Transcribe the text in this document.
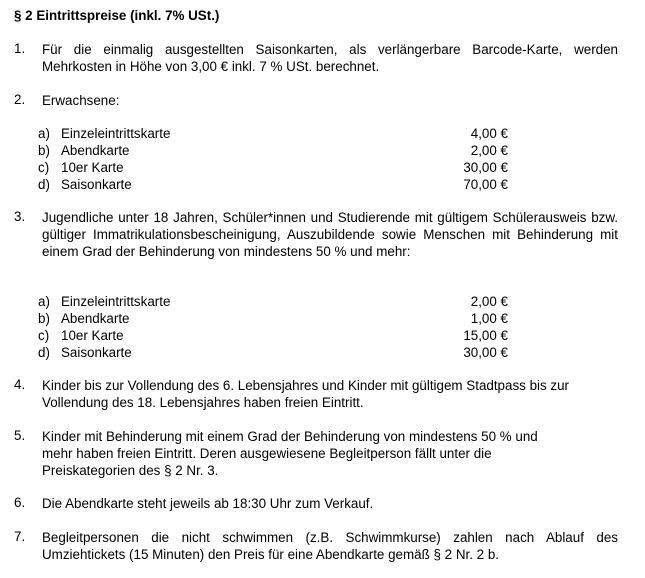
§ 2 Eintrittspreise (inkl. 7% USt.)
1. Für die einmalig ausgestellten Saisonkarten, als verlängerbare Barcode-Karte, werden Mehrkosten in Höhe von 3,00 € inkl. 7 % USt. berechnet.
2. Erwachsene:
a) Einzeleintrittskarte	4,00 €
b) Abendkarte	2,00 €
c) 10er Karte	30,00 €
d) Saisonkarte	70,00 €
3. Jugendliche unter 18 Jahren, Schüler*innen und Studierende mit gültigem Schülerausweis bzw. gültiger Immatrikulationsbescheinigung, Auszubildende sowie Menschen mit Behinderung mit einem Grad der Behinderung von mindestens 50 % und mehr:
a) Einzeleintrittskarte	2,00 €
b) Abendkarte	1,00 €
c) 10er Karte	15,00 €
d) Saisonkarte	30,00 €
4. Kinder bis zur Vollendung des 6. Lebensjahres und Kinder mit gültigem Stadtpass bis zur Vollendung des 18. Lebensjahres haben freien Eintritt.
5. Kinder mit Behinderung mit einem Grad der Behinderung von mindestens 50 % und
mehr haben freien Eintritt. Deren ausgewiesene Begleitperson fällt unter die
Preiskategorien des § 2 Nr. 3.
6. Die Abendkarte steht jeweils ab 18:30 Uhr zum Verkauf.
7. Begleitpersonen die nicht schwimmen (z.B. Schwimmkurse) zahlen nach Ablauf des Umziehtickets (15 Minuten) den Preis für eine Abendkarte gemäß § 2 Nr. 2 b.
